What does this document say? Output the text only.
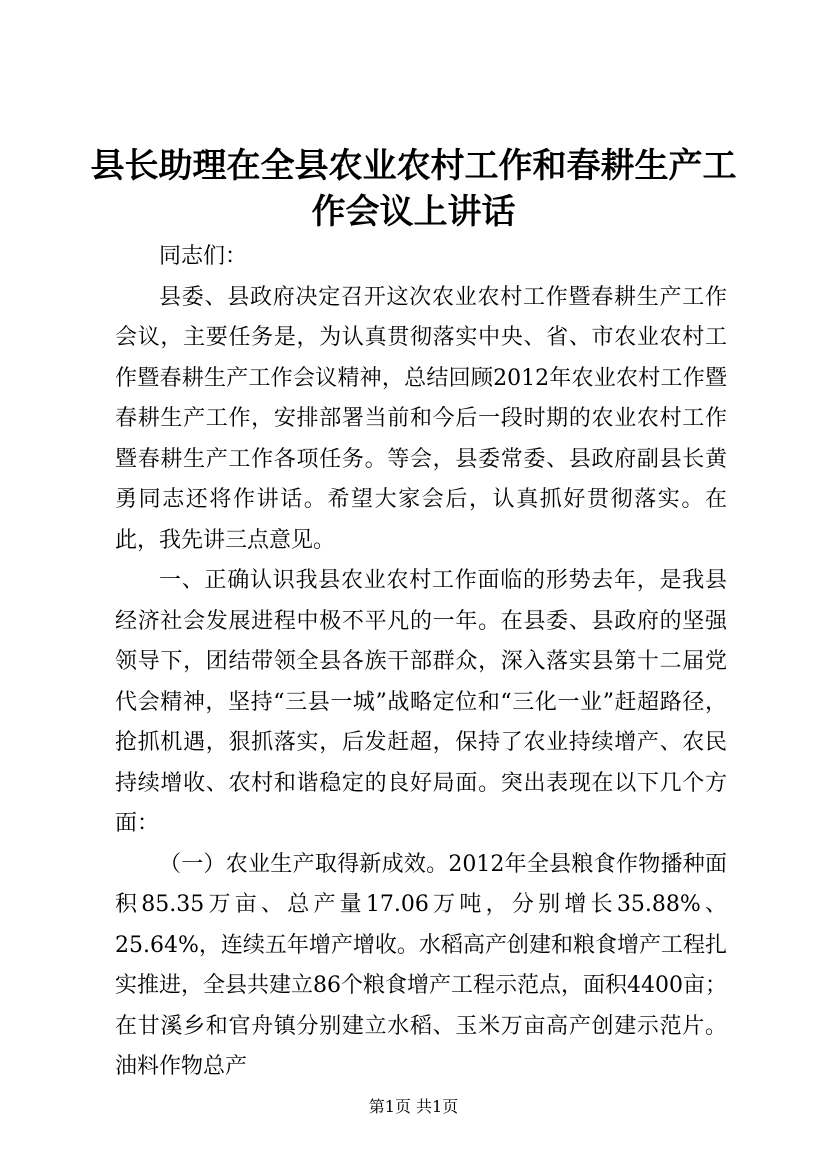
县长助理在全县农业农村工作和春耕生产工作会议上讲话

同志们：

县委、县政府决定召开这次农业农村工作暨春耕生产工作会议，主要任务是，为认真贯彻落实中央、省、市农业农村工作暨春耕生产工作会议精神，总结回顾2012年农业农村工作暨春耕生产工作，安排部署当前和今后一段时期的农业农村工作暨春耕生产工作各项任务。等会，县委常委、县政府副县长黄勇同志还将作讲话。希望大家会后，认真抓好贯彻落实。在此，我先讲三点意见。

一、正确认识我县农业农村工作面临的形势去年，是我县经济社会发展进程中极不平凡的一年。在县委、县政府的坚强领导下，团结带领全县各族干部群众，深入落实县第十二届党代会精神，坚持“三县一城”战略定位和“三化一业”赶超路径，抢抓机遇，狠抓落实，后发赶超，保持了农业持续增产、农民持续增收、农村和谐稳定的良好局面。突出表现在以下几个方面：

（一）农业生产取得新成效。2012年全县粮食作物播种面积85.35万亩、总产量17.06万吨，分别增长35.88%、25.64%，连续五年增产增收。水稻高产创建和粮食增产工程扎实推进，全县共建立86个粮食增产工程示范点，面积4400亩；在甘溪乡和官舟镇分别建立水稻、玉米万亩高产创建示范片。油料作物总产

第1页 共1页
